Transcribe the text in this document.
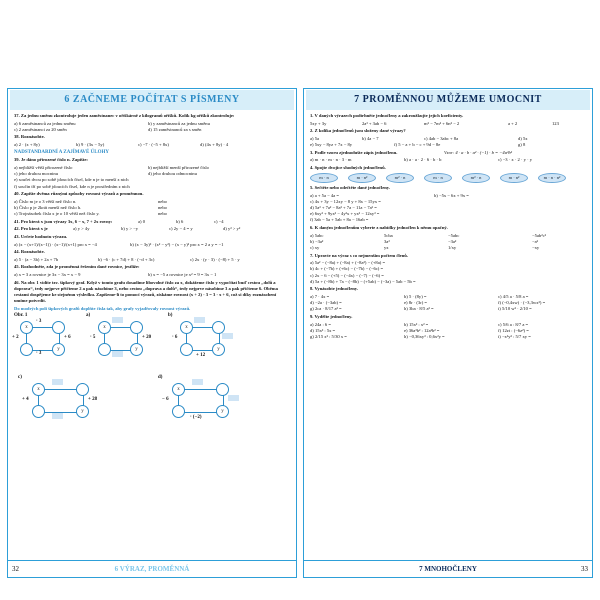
6 ZAČNEME POČÍTAT S PÍSMENY
37. Za jednu směnu zkontroluje jeden zaměstnanec v oříškárně z kilogramů oříšků. Kolik kg oříšků zkontroluje:
a) 6 zaměstnanců za jednu směnu	b) y zaměstnanců za jednu směnu
c) 2 zaměstnanci za 20 směn	d) 15 zaměstnanců za s směn
38. Roznásobte.
a) 2 · (x + 8y)	b) 9 · (3x − 5y)	c) −7 · (−5 + 8x)	d) (4x + 8y) · 4
NADSTANDARDNÍ A ZAJÍMAVÉ ÚLOHY
39. Je dáno přirozené číslo n. Zapište:
a) nejbližší větší přirozené číslo	b) nejbližší menší přirozené číslo
c) jeho druhou mocninu	d) jeho druhou odmocninu
e) součet dvou po sobě jdoucích čísel, kde n je to menší z nich
f) součin tří po sobě jdoucích čísel, kde n je prostředním z nich
40. Zapište dvěma různými způsoby rovnost výrazů a proměnnou.
a) Číslo m je o 3 větší než číslo n.	nebo
b) Číslo p je 2krát menší než číslo h.	nebo
c) Trojnásobek čísla x je o 10 větší než číslo y.	nebo
41. Pro která x jsou výrazy 3x, 6 − x, 7 + 2x rovny:	a) 0	b) 6	c) −4
42. Pro která x je	a) y > 4y	b) y > −y	c) 2y − 4 = y	d) y³ > y²
43. Určete hodnotu výrazu.
a) (x − (x+1)/(x−1)) · (x−1)/(x+1) pro x = −4	b) (x − 3y)³ · (x² − y²) − (x − y)² pro x = 2 a y = −1
44. Roznásobte.
a) 5 · (a − 3b) + 2a + 7b	b) −6 · (c + 7d) + 8 · (−d + 3c)	c) 2x · (y · 3) · (−8) + 5 · y
45. Rozhodněte, zda je proměnná řešením dané rovnice, jestliže:
a) x = 3 a rovnice je 3x − 3x = x − 9	b) x = −5 a rovnice je x² = 9 = 3x − 1
46. Na obr. 1 vidíte tzv. šipkový graf. Když v tomto grafu dosadíme libovolné číslo za x, dokážeme číslo y vypočítat buď cestou „dolů a doprava“, tedy nejprve přičteme 2 a pak násobíme 3, nebo cestou „doprava a dolů“, tedy nejprve násobíme 3 a pak přičteme 6. Oběma cestami dospějeme ke stejnému výsledku. Zapíšeme-li to pomocí výrazů, získáme rovnost (x + 2) · 3 = 3 · x + 6, což si díky roznásobení umíme potvrdit.
Do modrých polí šipkových grafů doplňte čísla tak, aby grafy vyjadřovaly rovnost výrazů.
Obr. 1
x
y
· 3
+ 2	+ 6
· 3
a)
x
y
+ 20
· 5
b)
x
y
· 6
+ 12
c)
x
y
+ 4	+ 28
d)
x
y
− 6
· (−2)
32	6 VÝRAZ, PROMĚNNÁ
7 PROMĚNNOU MŮŽEME UMOCNIT
1. V daných výrazech podtrhněte jednočleny a zakroužkujte jejich koeficienty.
5xy + 3y	2a³ + 3ab − 6	m³ − 7m² + 6n² − 2	a + 2	123
2. Z kolika jednočlenů jsou složeny dané výrazy?
a) 5a	b) 4a − 7	c) 4ab − 3abc + 8a	d) 5x
e) 5xy − 8yz + 7x − 8y	f) 5 − a + b − c + 9d − 8e	g) 8
3. Podle vzoru zjednodušte zápis jednočlenu.	Vzor: 4 · a · b · a² · (−1) · b = −4a³b²
a) m · n · m · n · 3 · m	b) a · a · 2 · 6 · b · b	c) −3 · x · 2 · y · y
4. Spojte dvojice shodných jednočlenů.
m · n	m · n²	m² · n	m · n	m³ · n	m · n²	m · n · n²
5. Sečtěte nebo odečtěte dané jednočleny.
a) a + 5a − 4a =	b) −5x − 6x + 9x =
c) 4x + 3y − 12xy − 8 y + 8x − 15yx =
d) 5a³ + 7a² − 8a³ + 7a − 11a − 7a³ =
e) 6xy³ + 9yx³ − 4y³x + yx³ − 12xy³ =
f) 3ab − 5a + 5ab + 8a − 16ab =
6. K daným jednočlenům vyberte z nabídky jednočlen k němu opačný.
a) 5abc	5cba	−5abc	−5ab²c²
b) −3a²	3a²	−3a²	−a²
c) xy	yx	1/xy	−xy
7. Upravte na výraz s co nejmenším počtem členů.
a) 5a² − (−8a) + (−8a) + (−8a²) − (+8a) =
b) 4c + (−7b) + (+6c) − (−7b) − (−6c) =
c) 2x − 6 − (+5) − (−4x) − (−7) − (−6) =
d) 5a + (−8b) + 7a − (−8b) − (+5ab) − (−3a) − 5ab − 5b =
8. Vynásobte jednočleny.
a) 7 · 4x =	b) 5 · (8y) =	c) 4/5 a · 5/8 a =
d) −2a · (−3ab) =	e) 8r · (3r) =	f) (−0,4xw) · (−3,3wx³) =
g) 2ca · 8/17 a² =	h) 3ba · 8/5 a³ =	i) 5/10 w³ · 2/10 =
9. Vydělte jednočleny.
a) 24a : 6 =	b) 15x³ : x³ =	c) 5/6 a : 8/7 a =
d) 15x³ : 5x =	e) 36a³b² : 12a²b² =	f) 12zt : (−6z²) =
g) 2/15 x³ : 5/30 x =	h) −0,36xy³ : 0,6x²y =	i) −x³y³ : 5/7 xy =
7 MNOHOČLENY	33
